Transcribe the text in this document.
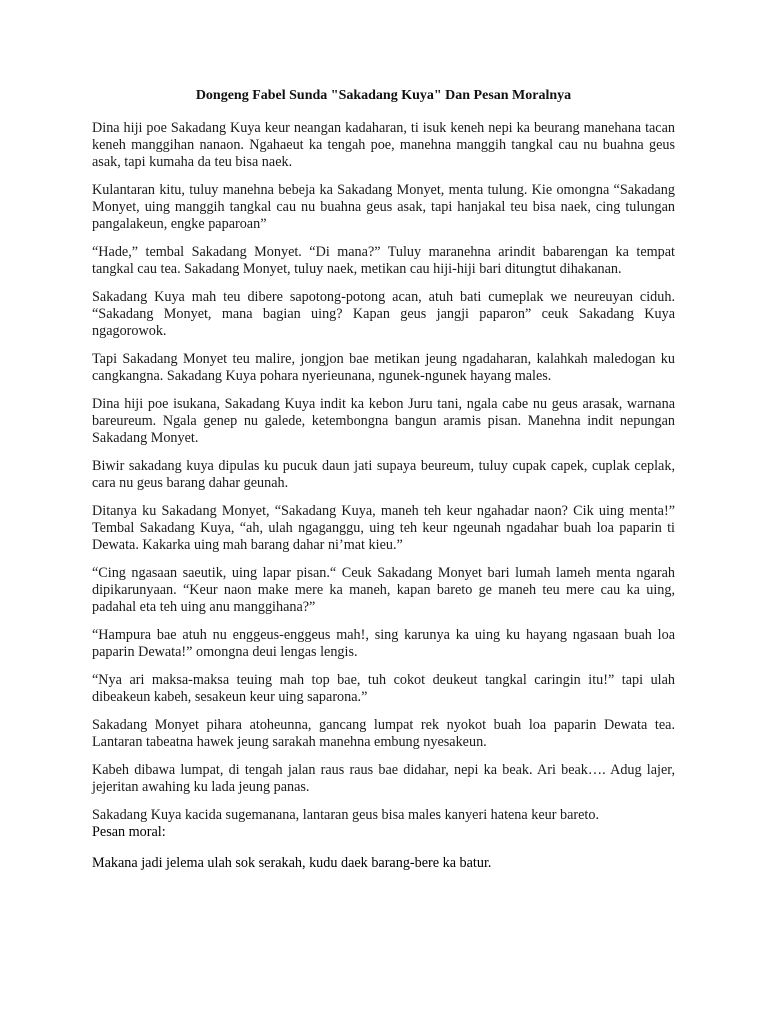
Dongeng Fabel Sunda "Sakadang Kuya" Dan Pesan Moralnya

Dina hiji poe Sakadang Kuya keur neangan kadaharan, ti isuk keneh nepi ka beurang manehana tacan keneh manggihan nanaon. Ngahaeut ka tengah poe, manehna manggih tangkal cau nu buahna geus asak, tapi kumaha da teu bisa naek.

Kulantaran kitu, tuluy manehna bebeja ka Sakadang Monyet, menta tulung. Kie omongna “Sakadang Monyet, uing manggih tangkal cau nu buahna geus asak, tapi hanjakal teu bisa naek, cing tulungan pangalakeun, engke paparoan”

“Hade,” tembal Sakadang Monyet. “Di mana?” Tuluy maranehna arindit babarengan ka tempat tangkal cau tea. Sakadang Monyet, tuluy naek, metikan cau hiji-hiji bari ditungtut dihakanan.

Sakadang Kuya mah teu dibere sapotong-potong acan, atuh bati cumeplak we neureuyan ciduh. “Sakadang Monyet, mana bagian uing? Kapan geus jangji paparon” ceuk Sakadang Kuya ngagorowok.

Tapi Sakadang Monyet teu malire, jongjon bae metikan jeung ngadaharan, kalahkah maledogan ku cangkangna. Sakadang Kuya pohara nyerieunana, ngunek-ngunek hayang males.

Dina hiji poe isukana, Sakadang Kuya indit ka kebon Juru tani, ngala cabe nu geus arasak, warnana bareureum. Ngala genep nu galede, ketembongna bangun aramis pisan. Manehna indit nepungan Sakadang Monyet.

Biwir sakadang kuya dipulas ku pucuk daun jati supaya beureum, tuluy cupak capek, cuplak ceplak, cara nu geus barang dahar geunah.

Ditanya ku Sakadang Monyet, “Sakadang Kuya, maneh teh keur ngahadar naon? Cik uing menta!” Tembal Sakadang Kuya, “ah, ulah ngaganggu, uing teh keur ngeunah ngadahar buah loa paparin ti Dewata. Kakarka uing mah barang dahar ni’mat kieu.”

“Cing ngasaan saeutik, uing lapar pisan.“ Ceuk Sakadang Monyet bari lumah lameh menta ngarah dipikarunyaan. “Keur naon make mere ka maneh, kapan bareto ge maneh teu mere cau ka uing, padahal eta teh uing anu manggihana?”

“Hampura bae atuh nu enggeus-enggeus mah!, sing karunya ka uing ku hayang ngasaan buah loa paparin Dewata!” omongna deui lengas lengis.

“Nya ari maksa-maksa teuing mah top bae, tuh cokot deukeut tangkal caringin itu!” tapi ulah dibeakeun kabeh, sesakeun keur uing saparona.”

Sakadang Monyet pihara atoheunna, gancang lumpat rek nyokot buah loa paparin Dewata tea. Lantaran tabeatna hawek jeung sarakah manehna embung nyesakeun.

Kabeh dibawa lumpat, di tengah jalan raus raus bae didahar, nepi ka beak. Ari beak…. Adug lajer, jejeritan awahing ku lada jeung panas.

Sakadang Kuya kacida sugemanana, lantaran geus bisa males kanyeri hatena keur bareto.

Pesan moral:

Makana jadi jelema ulah sok serakah, kudu daek barang-bere ka batur.
